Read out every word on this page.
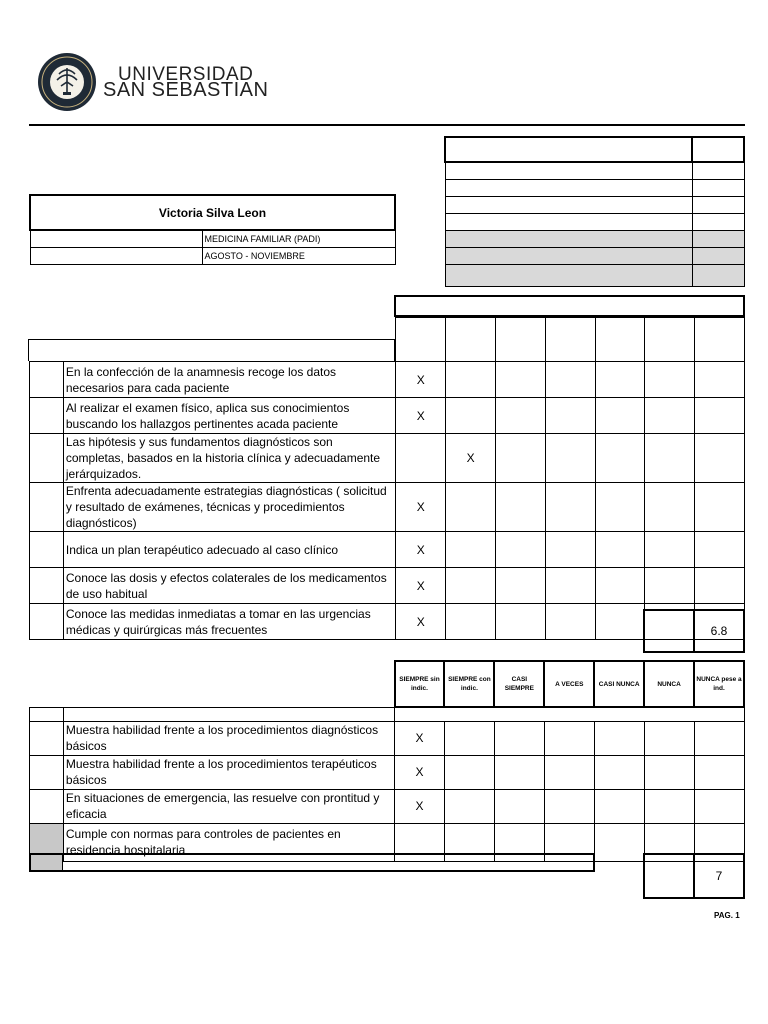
UNIVERSIDAD
SAN SEBASTIAN

Victoria Silva Leon	
	MEDICINA FAMILIAR (PADI)
	AGOSTO - NOVIEMBRE

	En la confección de la anamnesis recoge los datos necesarios para cada paciente	X						
	Al realizar el examen físico, aplica sus conocimientos buscando los hallazgos pertinentes acada paciente	X						
	Las hipótesis y sus fundamentos diagnósticos son completas, basados en la historia clínica y adecuadamente jerárquizados.		X					
	Enfrenta adecuadamente estrategias diagnósticas ( solicitud y resultado de exámenes, técnicas y procedimientos diagnósticos)	X						
	Indica un plan terapéutico adecuado al caso clínico	X						
	Conoce las dosis y efectos colaterales de los medicamentos de uso habitual	X						
	Conoce las medidas inmediatas a tomar en las urgencias médicas y quirúrgicas más frecuentes	X						
6.8
		SIEMPRE sin indic.	SIEMPRE con indic.	CASI SIEMPRE	A VECES	CASI NUNCA	NUNCA	NUNCA pese a ind.

	Muestra habilidad frente a los procedimientos diagnósticos básicos	X						
	Muestra habilidad frente a los procedimientos terapéuticos básicos	X						
	En situaciones de emergencia, las resuelve con prontitud y eficacia	X						
	Cumple con normas para controles de pacientes en residencia hospitalaria							
7
PAG. 1
